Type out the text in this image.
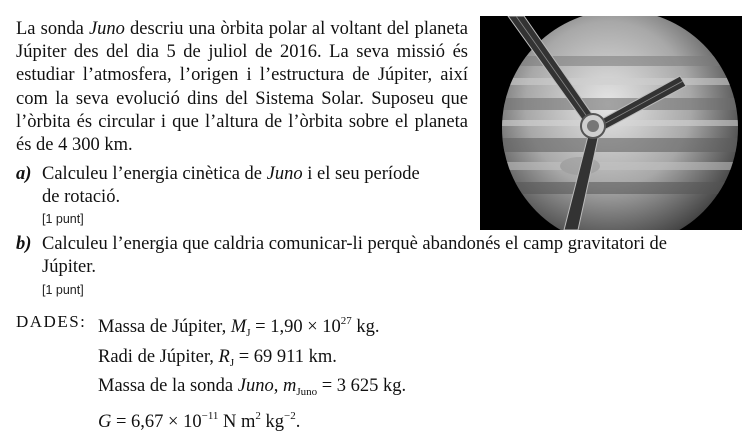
La sonda Juno descriu una òrbita polar al voltant del planeta Júpiter des del dia 5 de juliol de 2016. La seva missió és estudiar l’atmosfera, l’origen i l’estructura de Júpiter, així com la seva evolució dins del Sistema Solar. Suposeu que l’òrbita és circular i que l’altura de l’òrbita sobre el planeta és de 4 300 km.
a) Calculeu l’energia cinètica de Juno i el seu període
de rotació.
[1 punt]
b) Calculeu l’energia que caldria comunicar-li perquè abandonés el camp gravitatori de
Júpiter.
[1 punt]
DADES: Massa de Júpiter, $M_J = 1,90 \times 10^{27}$ kg.
Radi de Júpiter, $R_J = 69$ 911 km.
Massa de la sonda Juno, $m_{Juno} = 3$ 625 kg.
$G = 6,67 \times 10^{-11}$ N $m^2$ $kg^{-2}$.
